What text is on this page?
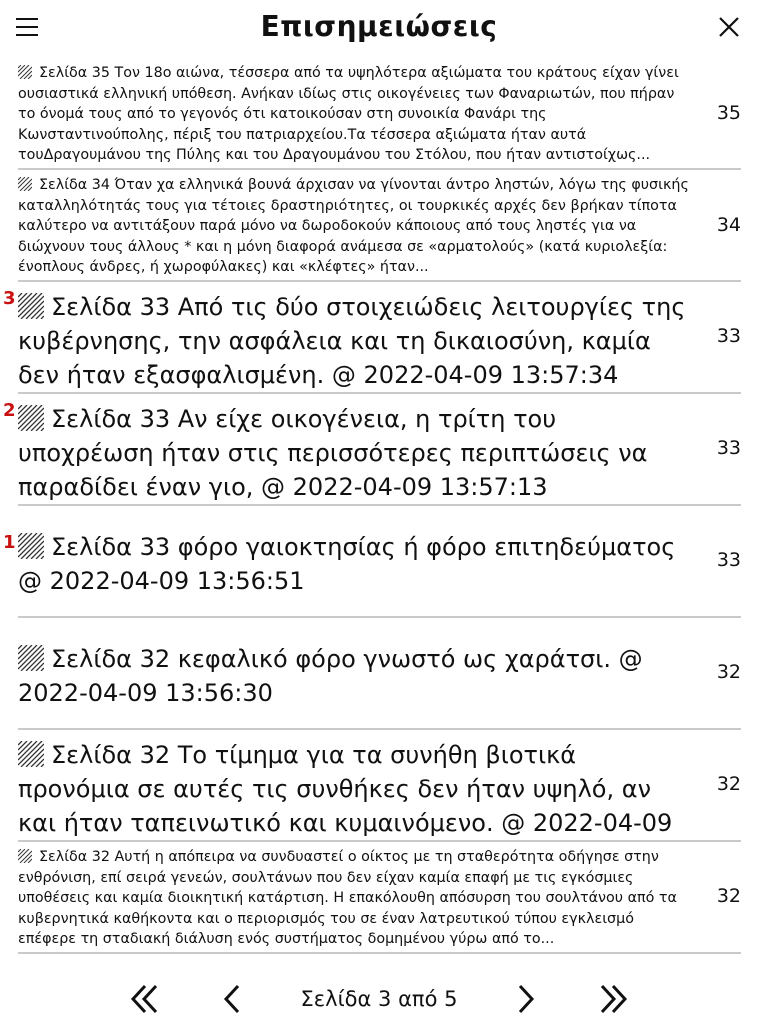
Επισημειώσεις
Σελίδα 35 Τον 18ο αιώνα, τέσσερα από τα υψηλότερα αξιώματα του κράτους είχαν γίνει ουσιαστικά ελληνική υπόθεση. Ανήκαν ιδίως στις οικογένειες των Φαναριωτών, που πήραν το όνομά τους από το γεγονός ότι κατοικούσαν στη συνοικία Φανάρι της Κωνσταντινούπολης, πέριξ του πατριαρχείου.Τα τέσσερα αξιώματα ήταν αυτά τουΔραγουμάνου της Πύλης και του Δραγουμάνου του Στόλου, που ήταν αντιστοίχως...
35
Σελίδα 34 Όταν χα ελληνικά βουνά άρχισαν να γίνονται άντρο ληστών, λόγω της φυσικής καταλληλότητάς τους για τέτοιες δραστηριότητες, οι τουρκικές αρχές δεν βρήκαν τίποτα καλύτερο να αντιτάξουν παρά μόνο να δωροδοκούν κάποιους από τους ληστές για να διώχνουν τους άλλους * και η μόνη διαφορά ανάμεσα σε «αρματολούς» (κατά κυριολεξία: ένοπλους άνδρες, ή χωροφύλακες) και «κλέφτες» ήταν...
34
3	Σελίδα 33 Από τις δύο στοιχειώδεις λειτουργίες της κυβέρνησης, την ασφάλεια και τη δικαιοσύνη, καμία δεν ήταν εξασφαλισμένη. @ 2022-04-09 13:57:34
33
2	Σελίδα 33 Αν είχε οικογένεια, η τρίτη του υποχρέωση ήταν στις περισσότερες περιπτώσεις να παραδίδει έναν γιο, @ 2022-04-09 13:57:13
33
1	Σελίδα 33 φόρο γαιοκτησίας ή φόρο επιτηδεύματος @ 2022-04-09 13:56:51
33
Σελίδα 32 κεφαλικό φόρο γνωστό ως χαράτσι. @ 2022-04-09 13:56:30
32
Σελίδα 32 Το τίμημα για τα συνήθη βιοτικά προνόμια σε αυτές τις συνθήκες δεν ήταν υψηλό, αν και ήταν ταπεινωτικό και κυμαινόμενο. @ 2022-04-09
32
Σελίδα 32 Αυτή η απόπειρα να συνδυαστεί ο οίκτος με τη σταθερότητα οδήγησε στην ενθρόνιση, επί σειρά γενεών, σουλτάνων που δεν είχαν καμία επαφή με τις εγκόσμιες υποθέσεις και καμία διοικητική κατάρτιση. Η επακόλουθη απόσυρση του σουλτάνου από τα κυβερνητικά καθήκοντα και ο περιορισμός του σε έναν λατρευτικού τύπου εγκλεισμό επέφερε τη σταδιακή διάλυση ενός συστήματος δομημένου γύρω από το...
32
Σελίδα 3 από 5
